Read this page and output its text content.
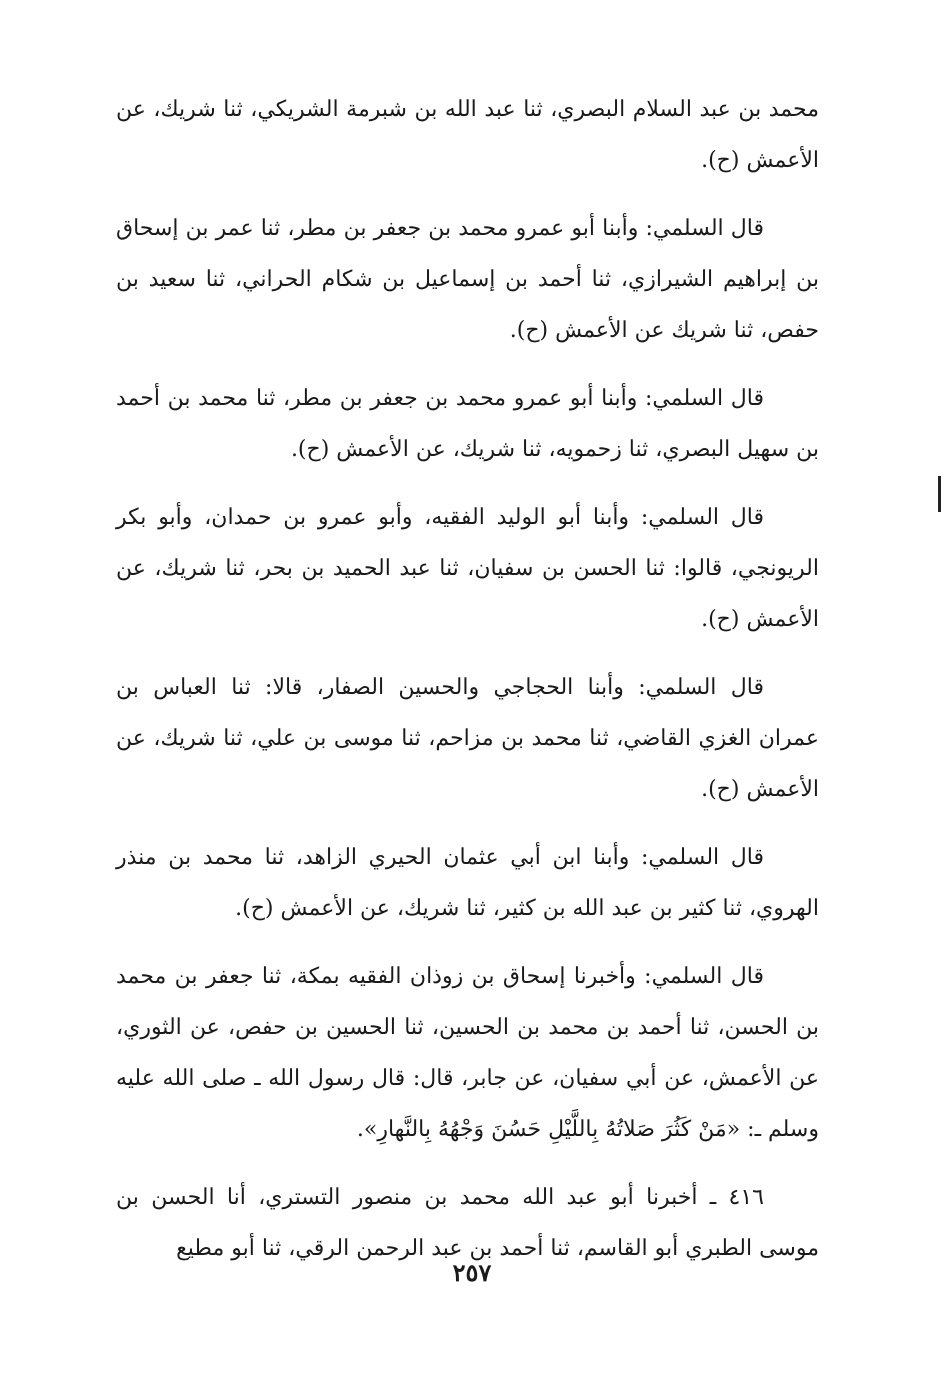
محمد بن عبد السلام البصري، ثنا عبد الله بن شبرمة الشريكي، ثنا شريك، عن الأعمش (ح).

قال السلمي: وأبنا أبو عمرو محمد بن جعفر بن مطر، ثنا عمر بن إسحاق بن إبراهيم الشيرازي، ثنا أحمد بن إسماعيل بن شكام الحراني، ثنا سعيد بن حفص، ثنا شريك عن الأعمش (ح).

قال السلمي: وأبنا أبو عمرو محمد بن جعفر بن مطر، ثنا محمد بن أحمد بن سهيل البصري، ثنا زحمويه، ثنا شريك، عن الأعمش (ح).

قال السلمي: وأبنا أبو الوليد الفقيه، وأبو عمرو بن حمدان، وأبو بكر الريونجي، قالوا: ثنا الحسن بن سفيان، ثنا عبد الحميد بن بحر، ثنا شريك، عن الأعمش (ح).

قال السلمي: وأبنا الحجاجي والحسين الصفار، قالا: ثنا العباس بن عمران الغزي القاضي، ثنا محمد بن مزاحم، ثنا موسى بن علي، ثنا شريك، عن الأعمش (ح).

قال السلمي: وأبنا ابن أبي عثمان الحيري الزاهد، ثنا محمد بن منذر الهروي، ثنا كثير بن عبد الله بن كثير، ثنا شريك، عن الأعمش (ح).

قال السلمي: وأخبرنا إسحاق بن زوذان الفقيه بمكة، ثنا جعفر بن محمد بن الحسن، ثنا أحمد بن محمد بن الحسين، ثنا الحسين بن حفص، عن الثوري، عن الأعمش، عن أبي سفيان، عن جابر، قال: قال رسول الله ـ صلى الله عليه وسلم ـ: «مَنْ كَثُرَ صَلاتُهُ بِاللَّيْلِ حَسُنَ وَجْهُهُ بِالنَّهارِ».

٤١٦ ـ أخبرنا أبو عبد الله محمد بن منصور التستري، أنا الحسن بن موسى الطبري أبو القاسم، ثنا أحمد بن عبد الرحمن الرقي، ثنا أبو مطيع

٢٥٧
